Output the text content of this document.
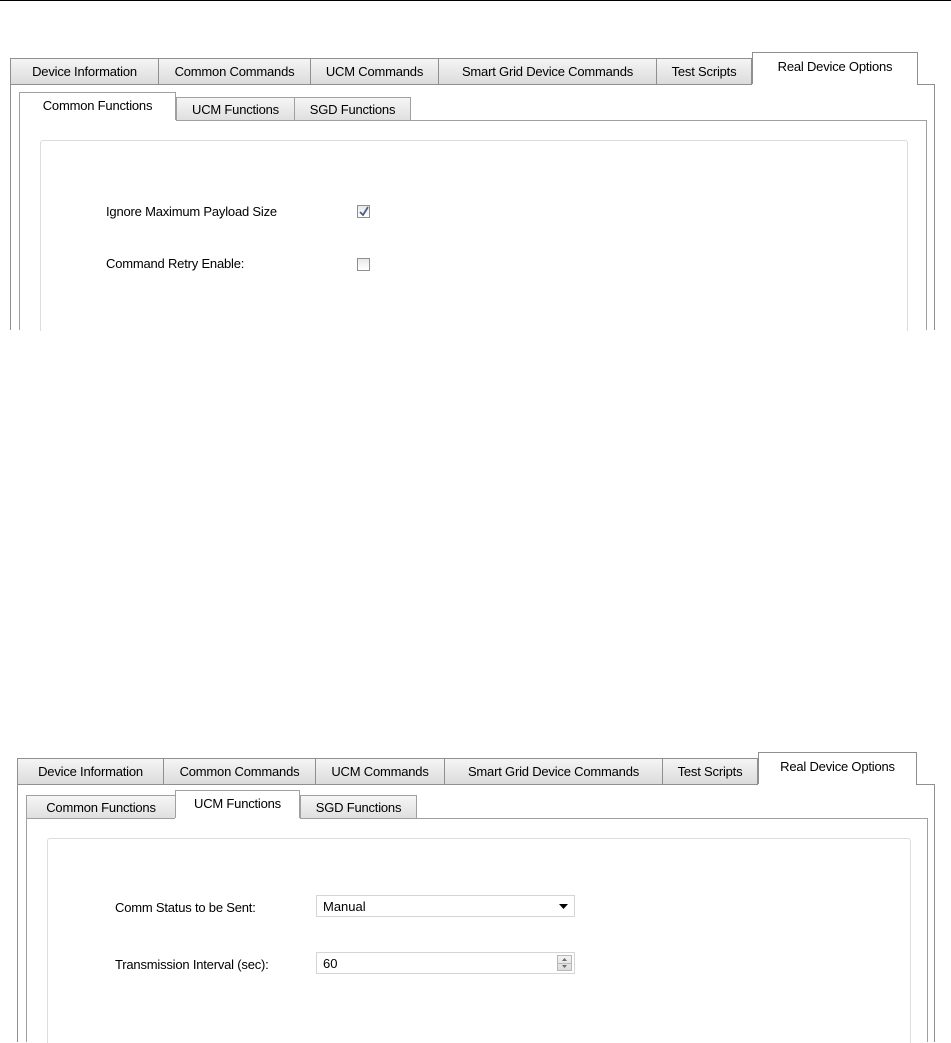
Device Information	Common Commands UCM Commands	Smart Grid Device Commands	Test Scripts	Real Device Options
Common Functions	UCM Functions SGD Functions
Ignore Maximum Payload Size
Command Retry Enable:
Device Information	Common Commands UCM Commands	Smart Grid Device Commands	Test Scripts	Real Device Options
Common Functions	UCM Functions	SGD Functions
Comm Status to be Sent:	Manual
Transmission Interval (sec):	60
